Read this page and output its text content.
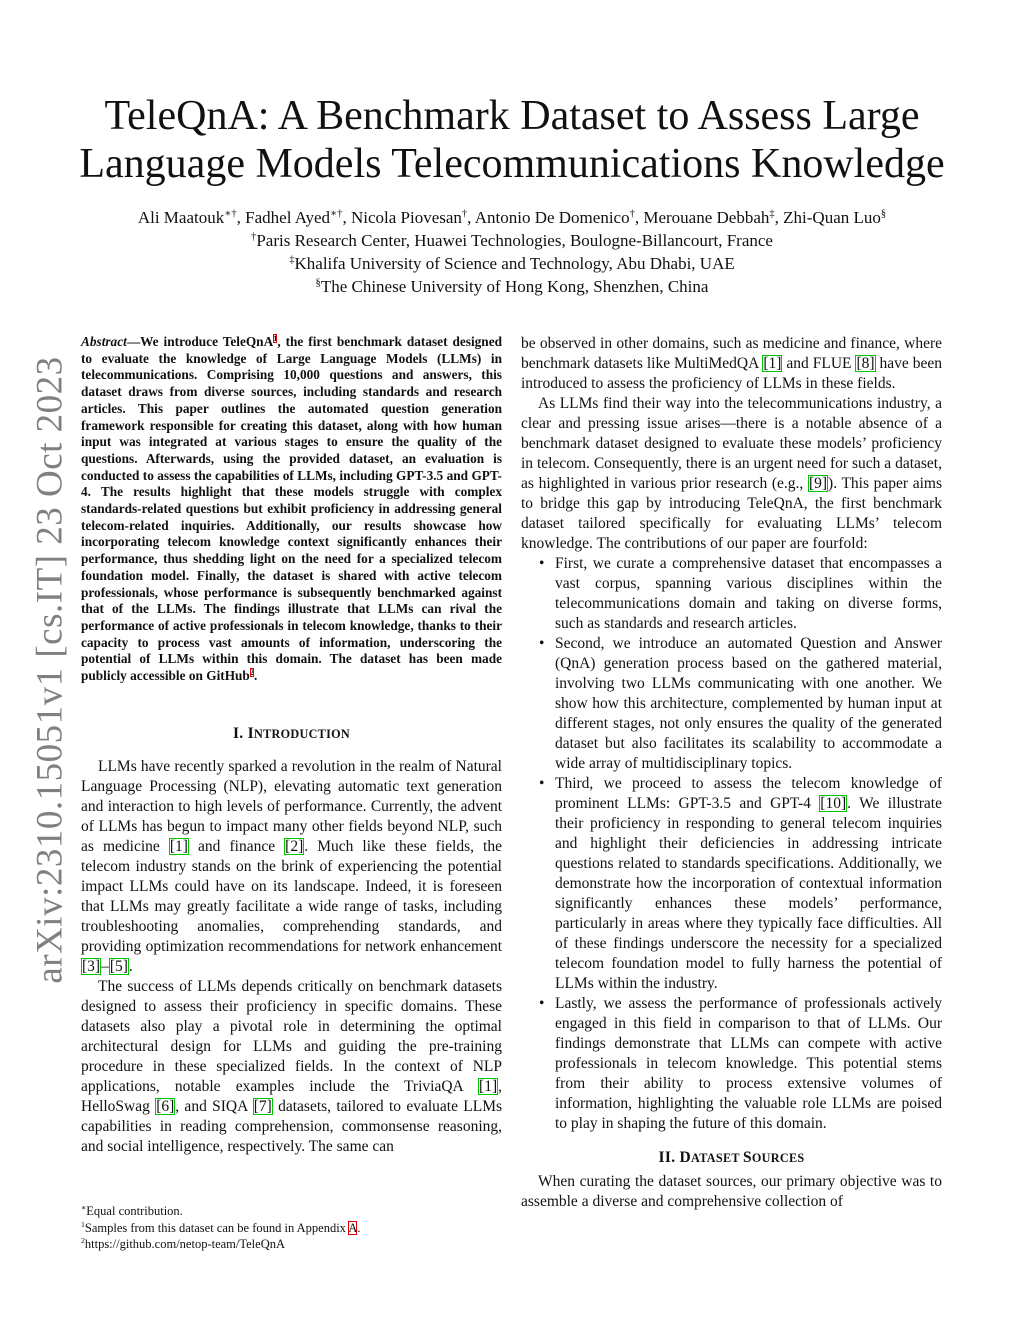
arXiv:2310.15051v1 [cs.IT] 23 Oct 2023
TeleQnA: A Benchmark Dataset to Assess Large
Language Models Telecommunications Knowledge
Ali Maatouk∗†, Fadhel Ayed∗†, Nicola Piovesan†, Antonio De Domenico†, Merouane Debbah‡, Zhi-Quan Luo§
†Paris Research Center, Huawei Technologies, Boulogne-Billancourt, France
‡Khalifa University of Science and Technology, Abu Dhabi, UAE
§The Chinese University of Hong Kong, Shenzhen, China

Abstract—We introduce TeleQnA$^1$, the first benchmark dataset designed to evaluate the knowledge of Large Language Models (LLMs) in telecommunications. Comprising 10,000 questions and answers, this dataset draws from diverse sources, including standards and research articles. This paper outlines the automated question generation framework responsible for creating this dataset, along with how human input was integrated at various stages to ensure the quality of the questions. Afterwards, using the provided dataset, an evaluation is conducted to assess the capabilities of LLMs, including GPT-3.5 and GPT-4. The results highlight that these models struggle with complex standards-related questions but exhibit proficiency in addressing general telecom-related inquiries. Additionally, our results showcase how incorporating telecom knowledge context significantly enhances their performance, thus shedding light on the need for a specialized telecom foundation model. Finally, the dataset is shared with active telecom professionals, whose performance is subsequently benchmarked against that of the LLMs. The findings illustrate that LLMs can rival the performance of active professionals in telecom knowledge, thanks to their capacity to process vast amounts of information, underscoring the potential of LLMs within this domain. The dataset has been made publicly accessible on GitHub$^2$.

I. INTRODUCTION

LLMs have recently sparked a revolution in the realm of Natural Language Processing (NLP), elevating automatic text generation and interaction to high levels of performance. Currently, the advent of LLMs has begun to impact many other fields beyond NLP, such as medicine [1] and finance [2]. Much like these fields, the telecom industry stands on the brink of experiencing the potential impact LLMs could have on its landscape. Indeed, it is foreseen that LLMs may greatly facilitate a wide range of tasks, including troubleshooting anomalies, comprehending standards, and providing optimization recommendations for network enhancement [3]–[5].

The success of LLMs depends critically on benchmark datasets designed to assess their proficiency in specific domains. These datasets also play a pivotal role in determining the optimal architectural design for LLMs and guiding the pre-training procedure in these specialized fields. In the context of NLP applications, notable examples include the TriviaQA [1], HelloSwag [6], and SIQA [7] datasets, tailored to evaluate LLMs capabilities in reading comprehension, commonsense reasoning, and social intelligence, respectively. The same can

be observed in other domains, such as medicine and finance, where benchmark datasets like MultiMedQA [1] and FLUE [8] have been introduced to assess the proficiency of LLMs in these fields.

As LLMs find their way into the telecommunications industry, a clear and pressing issue arises—there is a notable absence of a benchmark dataset designed to evaluate these models’ proficiency in telecom. Consequently, there is an urgent need for such a dataset, as highlighted in various prior research (e.g., [9]). This paper aims to bridge this gap by introducing TeleQnA, the first benchmark dataset tailored specifically for evaluating LLMs’ telecom knowledge. The contributions of our paper are fourfold:

• First, we curate a comprehensive dataset that encompasses a vast corpus, spanning various disciplines within the telecommunications domain and taking on diverse forms, such as standards and research articles.
• Second, we introduce an automated Question and Answer (QnA) generation process based on the gathered material, involving two LLMs communicating with one another. We show how this architecture, complemented by human input at different stages, not only ensures the quality of the generated dataset but also facilitates its scalability to accommodate a wide array of multidisciplinary topics.
• Third, we proceed to assess the telecom knowledge of prominent LLMs: GPT-3.5 and GPT-4 [10]. We illustrate their proficiency in responding to general telecom inquiries and highlight their deficiencies in addressing intricate questions related to standards specifications. Additionally, we demonstrate how the incorporation of contextual information significantly enhances these models’ performance, particularly in areas where they typically face difficulties. All of these findings underscore the necessity for a specialized telecom foundation model to fully harness the potential of LLMs within the industry.
• Lastly, we assess the performance of professionals actively engaged in this field in comparison to that of LLMs. Our findings demonstrate that LLMs can compete with active professionals in telecom knowledge. This potential stems from their ability to process extensive volumes of information, highlighting the valuable role LLMs are poised to play in shaping the future of this domain.
II. DATASET SOURCES

When curating the dataset sources, our primary objective was to assemble a diverse and comprehensive collection of

∗Equal contribution.
$^1$Samples from this dataset can be found in Appendix A.
$^2$https://github.com/netop-team/TeleQnA
